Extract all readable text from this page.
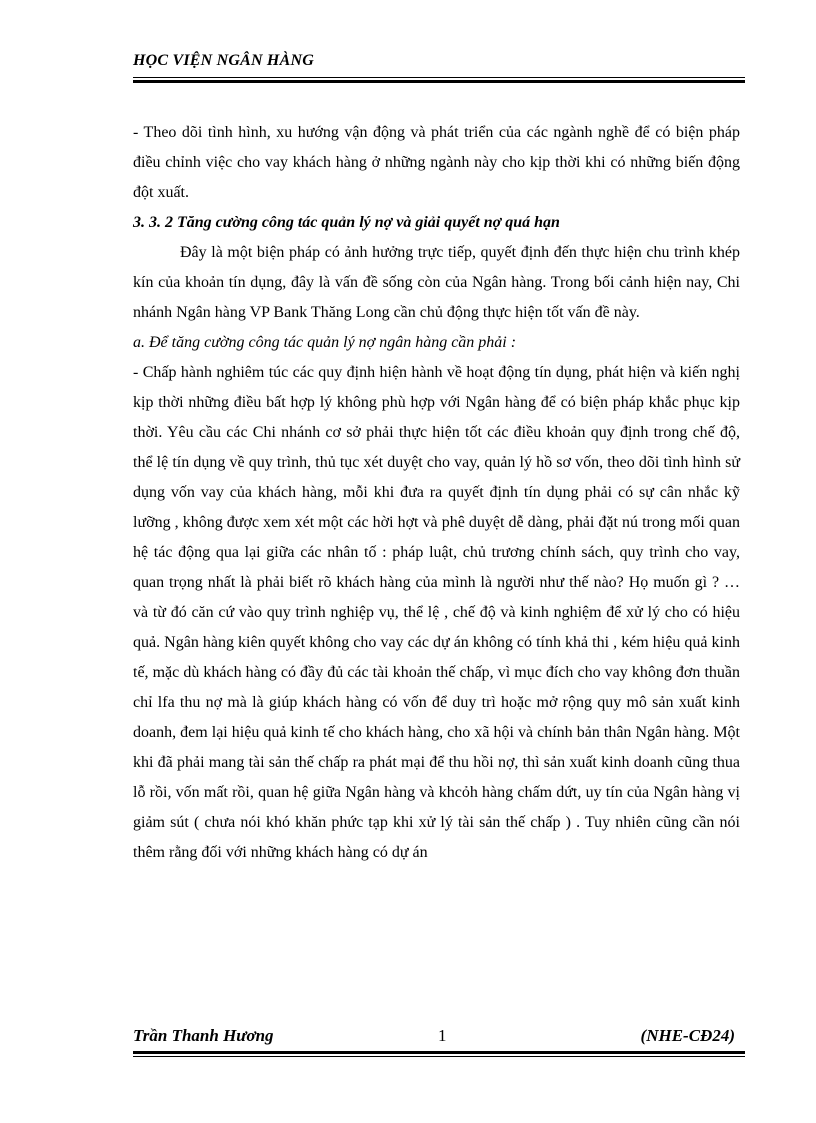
HỌC VIỆN NGÂN HÀNG

- Theo dõi tình hình, xu hướng vận động và phát triển của các ngành nghề để có biện pháp điều chỉnh việc cho vay khách hàng ở những ngành này cho kịp thời khi có những biến động đột xuất.

3. 3. 2 Tăng cường công tác quản lý nợ và giải quyết nợ quá hạn

Đây là một biện pháp có ảnh hưởng trực tiếp, quyết định đến thực hiện chu trình khép kín của khoản tín dụng, đây là vấn đề sống còn của Ngân hàng. Trong bối cảnh hiện nay, Chi nhánh Ngân hàng VP Bank Thăng Long cần chủ động thực hiện tốt vấn đề này.

a. Để tăng cường công tác quản lý nợ ngân hàng cần phải :

- Chấp hành nghiêm túc các quy định hiện hành về hoạt động tín dụng, phát hiện và kiến nghị kịp thời những điều bất hợp lý không phù hợp với Ngân hàng để có biện pháp khắc phục kịp thời. Yêu cầu các Chi nhánh cơ sở phải thực hiện tốt các điều khoản quy định trong chế độ, thể lệ tín dụng về quy trình, thủ tục xét duyệt cho vay, quản lý hồ sơ vốn, theo dõi tình hình sử dụng vốn vay của khách hàng, mỗi khi đưa ra quyết định tín dụng phải có sự cân nhắc kỹ lưỡng , không được xem xét một các hời hợt và phê duyệt dễ dàng, phải đặt nú trong mối quan hệ tác động qua lại giữa các nhân tố : pháp luật, chủ trương chính sách, quy trình cho vay, quan trọng nhất là phải biết rõ khách hàng của mình là người như thế nào? Họ muốn gì ? … và từ đó căn cứ vào quy trình nghiệp vụ, thể lệ , chế độ và kinh nghiệm để xử lý cho có hiệu quả. Ngân hàng kiên quyết không cho vay các dự án không có tính khả thi , kém hiệu quả kinh tế, mặc dù khách hàng có đầy đủ các tài khoản thế chấp, vì mục đích cho vay không đơn thuần chỉ lfa thu nợ mà là giúp khách hàng có vốn để duy trì hoặc mở rộng quy mô sản xuất kinh doanh, đem lại hiệu quả kinh tế cho khách hàng, cho xã hội và chính bản thân Ngân hàng. Một khi đã phải mang tài sản thế chấp ra phát mại để thu hồi nợ, thì sản xuất kinh doanh cũng thua lỗ rồi, vốn mất rồi, quan hệ giữa Ngân hàng và khcỏh hàng chấm dứt, uy tín của Ngân hàng vị giảm sút ( chưa nói khó khăn phức tạp khi xử lý tài sản thế chấp ) . Tuy nhiên cũng cần nói thêm rằng đối với những khách hàng có dự án

Trần Thanh Hương	1	(NHE-CĐ24)
